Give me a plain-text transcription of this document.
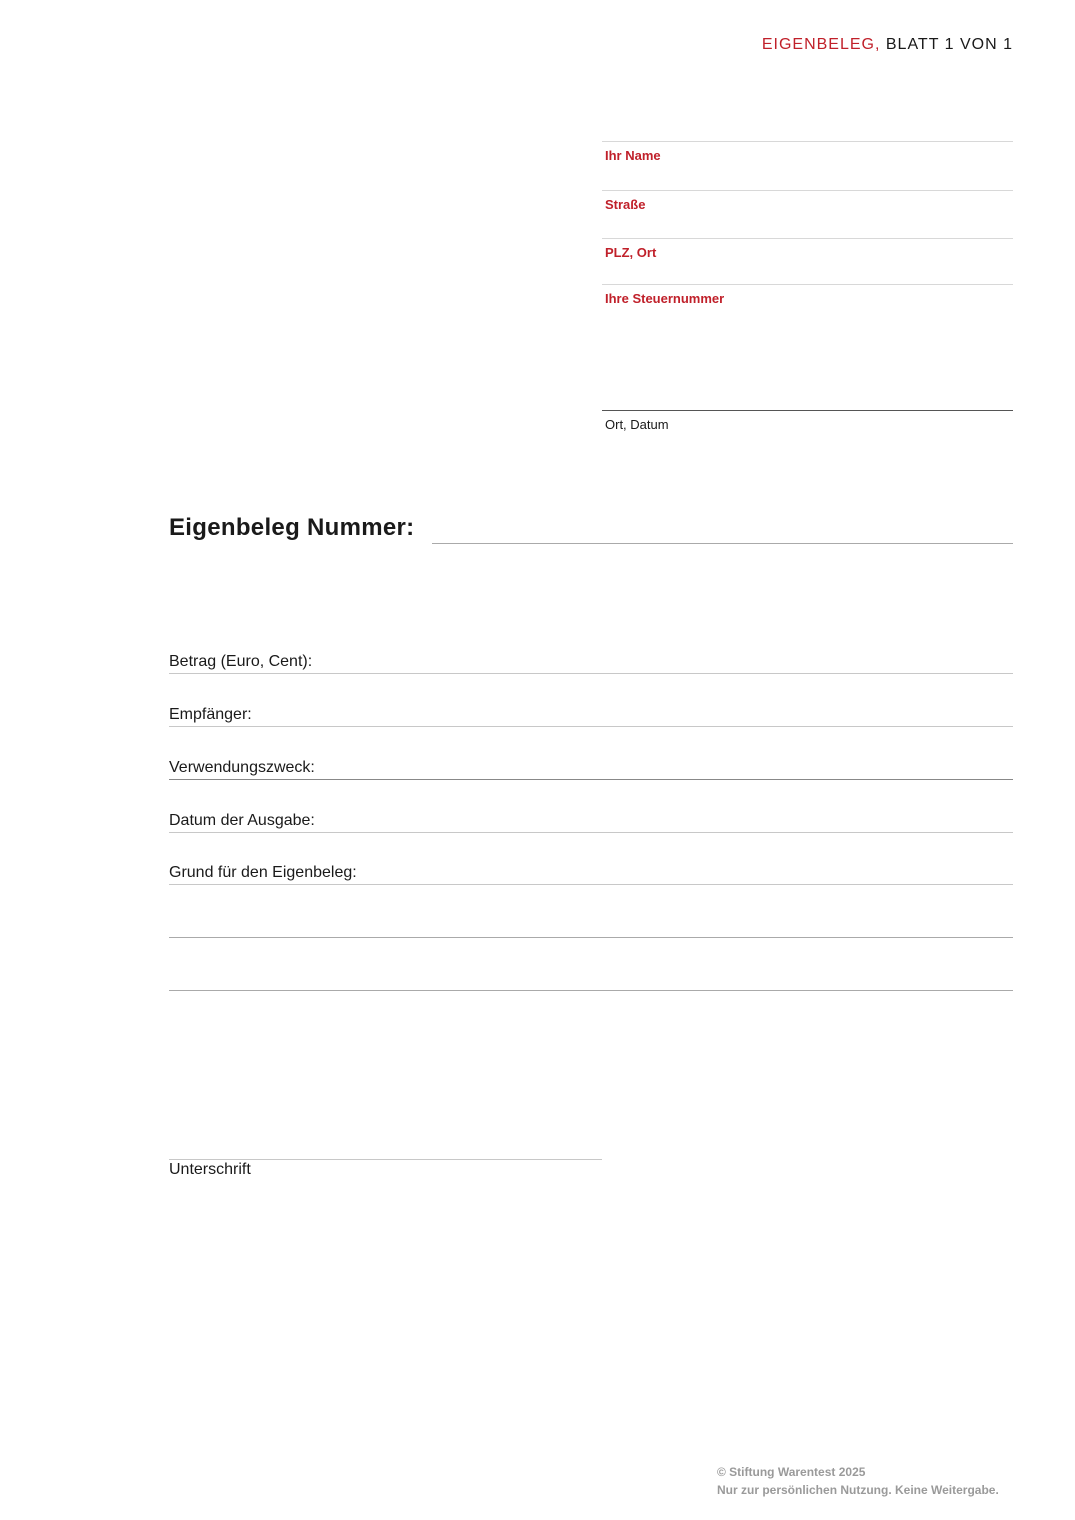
EIGENBELEG, BLATT 1 VON 1
Ihr Name
Straße
PLZ, Ort
Ihre Steuernummer
Ort, Datum
Eigenbeleg Nummer:
Betrag (Euro, Cent):
Empfänger:
Verwendungszweck:
Datum der Ausgabe:
Grund für den Eigenbeleg:
Unterschrift
© Stiftung Warentest 2025
Nur zur persönlichen Nutzung. Keine Weitergabe.
